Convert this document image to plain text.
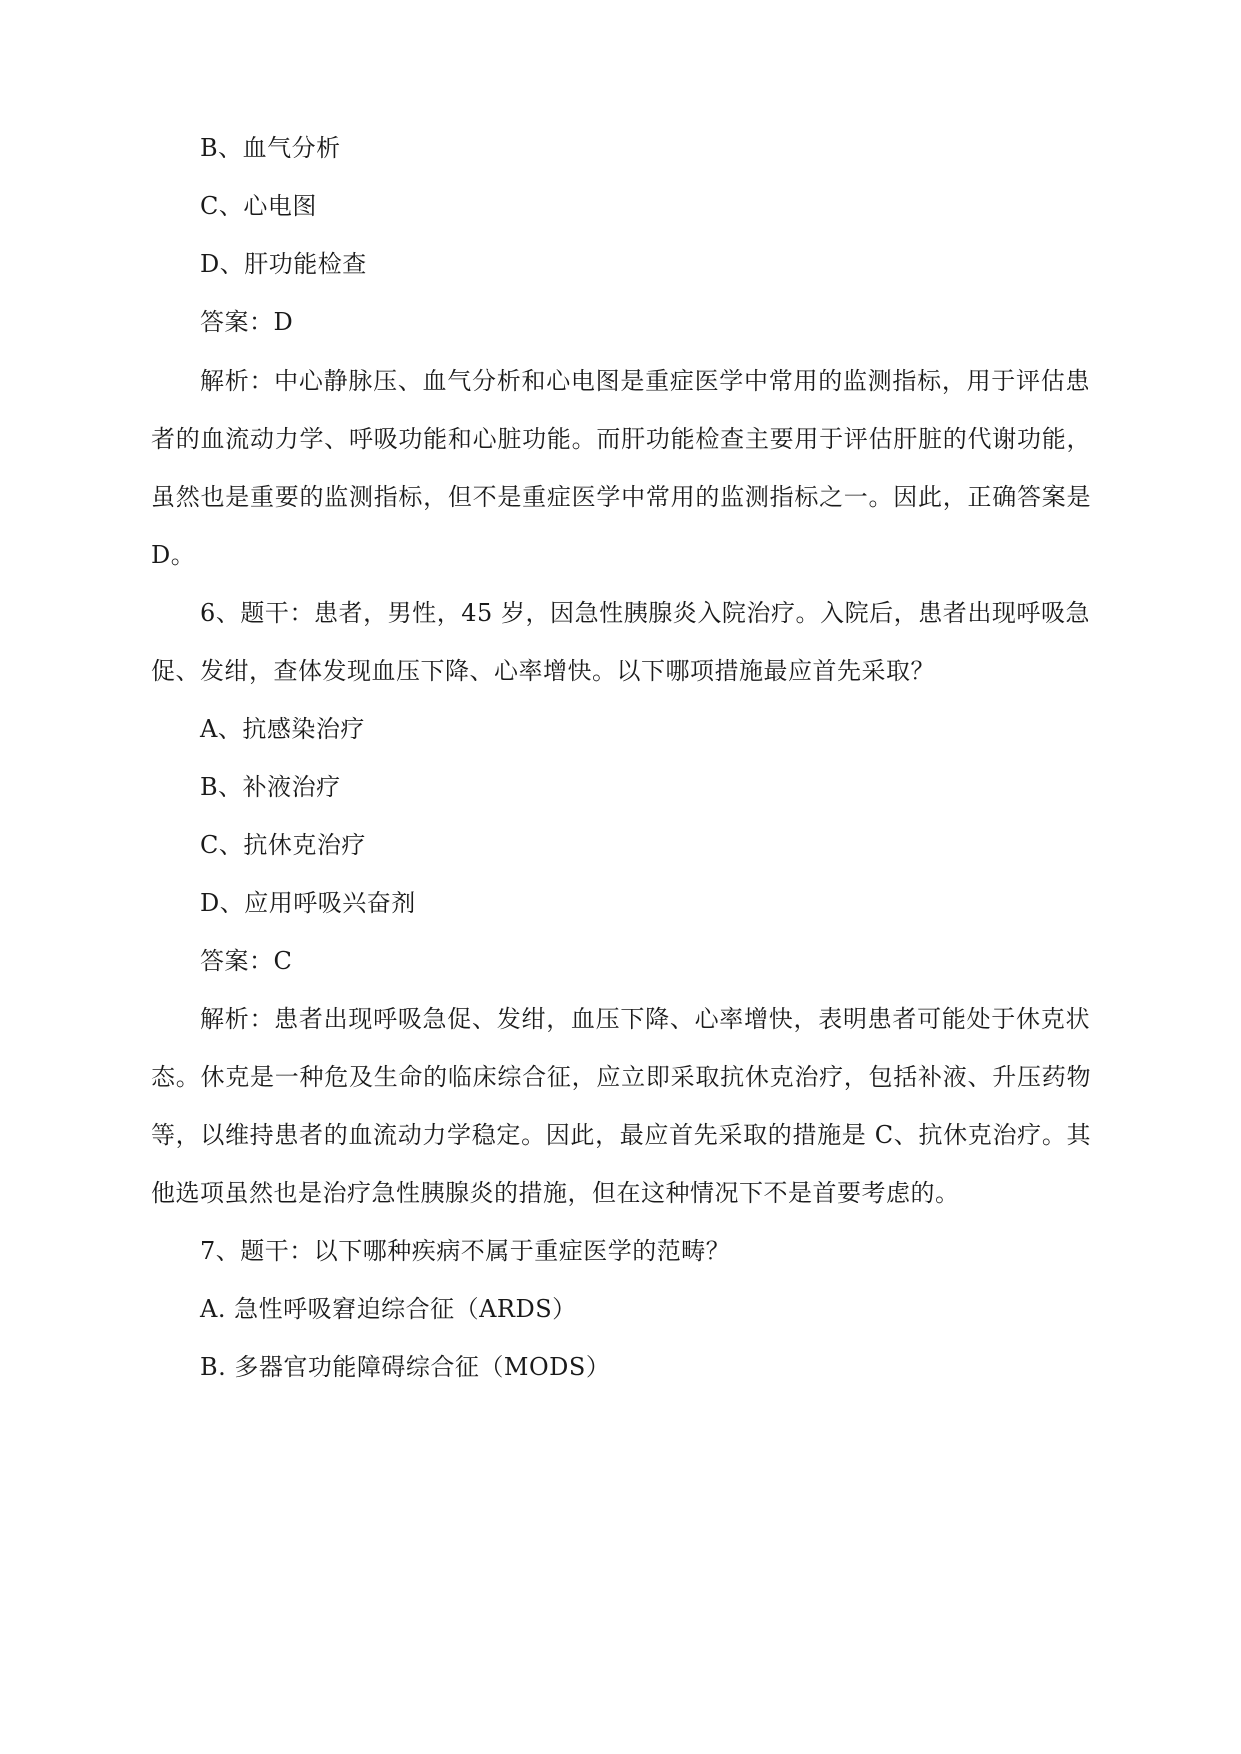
B、血气分析
C、心电图
D、肝功能检查
答案：D
解析：中心静脉压、血气分析和心电图是重症医学中常用的监测指标，用于评估患
者的血流动力学、呼吸功能和心脏功能。而肝功能检查主要用于评估肝脏的代谢功能，
虽然也是重要的监测指标，但不是重症医学中常用的监测指标之一。因此，正确答案是
D。
6、题干：患者，男性，45 岁，因急性胰腺炎入院治疗。入院后，患者出现呼吸急
促、发绀，查体发现血压下降、心率增快。以下哪项措施最应首先采取？
A、抗感染治疗
B、补液治疗
C、抗休克治疗
D、应用呼吸兴奋剂
答案：C
解析：患者出现呼吸急促、发绀，血压下降、心率增快，表明患者可能处于休克状
态。休克是一种危及生命的临床综合征，应立即采取抗休克治疗，包括补液、升压药物
等，以维持患者的血流动力学稳定。因此，最应首先采取的措施是 C、抗休克治疗。其
他选项虽然也是治疗急性胰腺炎的措施，但在这种情况下不是首要考虑的。
7、题干：以下哪种疾病不属于重症医学的范畴？
A. 急性呼吸窘迫综合征（ARDS）
B. 多器官功能障碍综合征（MODS）
